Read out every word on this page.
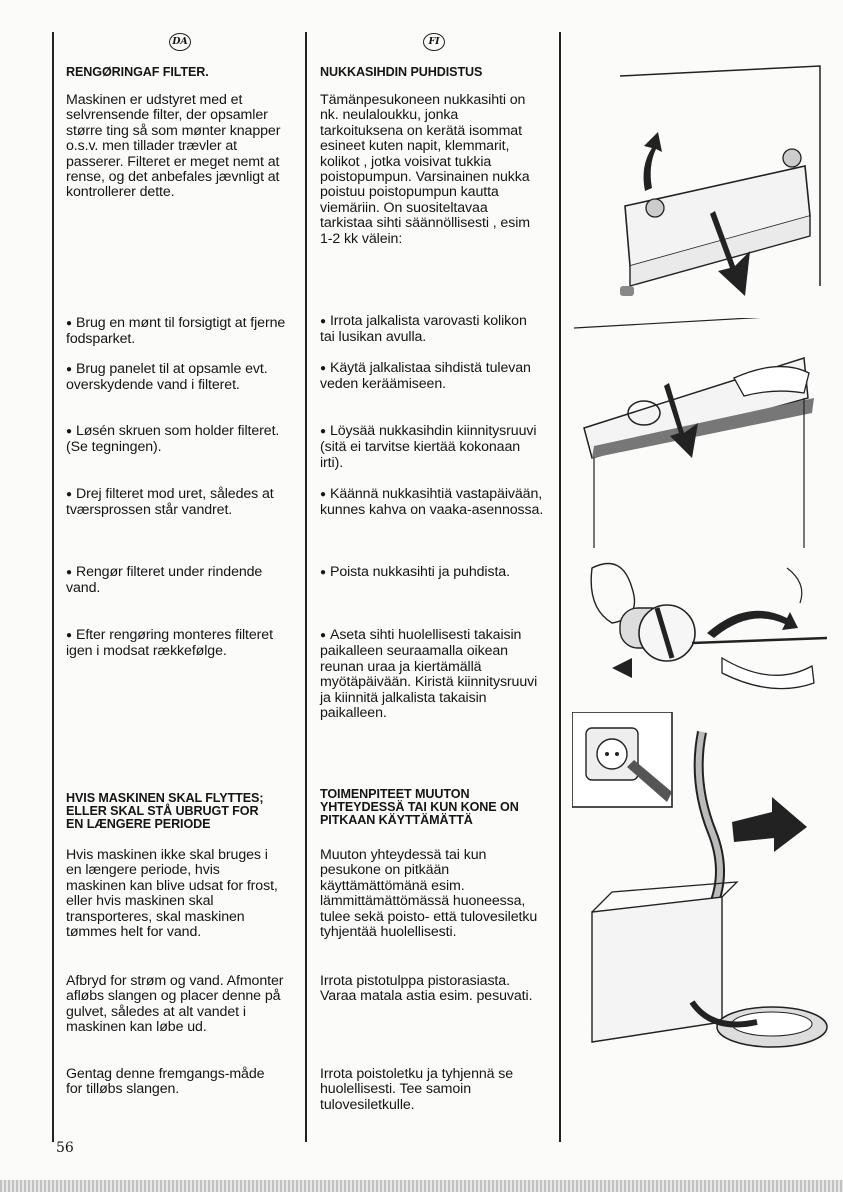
DA
RENGØRINGAF FILTER.

Maskinen er udstyret med et selvrensende filter, der opsamler større ting så som mønter knapper o.s.v. men tillader trævler at passerer. Filteret er meget nemt at rense, og det anbefales jævnligt at kontrollerer dette.

● Brug en mønt til forsigtigt at fjerne fodsparket.

● Brug panelet til at opsamle evt. overskydende vand i filteret.

● Løsén skruen som holder filteret. (Se tegningen).

● Drej filteret mod uret, således at tværsprossen står vandret.

● Rengør filteret under rindende vand.

● Efter rengøring monteres filteret igen i modsat rækkefølge.

HVIS MASKINEN SKAL FLYTTES; ELLER SKAL STÅ UBRUGT FOR EN LÆNGERE PERIODE

Hvis maskinen ikke skal bruges i en længere periode, hvis maskinen kan blive udsat for frost, eller hvis maskinen skal transporteres, skal maskinen tømmes helt for vand.

Afbryd for strøm og vand. Afmonter afløbs slangen og placer denne på gulvet, således at alt vandet i maskinen kan løbe ud.

Gentag denne fremgangs-måde for tilløbs slangen.

FI
NUKKASIHDIN PUHDISTUS

Tämänpesukoneen nukkasihti on nk. neulaloukku, jonka tarkoituksena on kerätä isommat esineet kuten napit, klemmarit, kolikot , jotka voisivat tukkia poistopumpun. Varsinainen nukka poistuu poistopumpun kautta viemäriin. On suositeltavaa tarkistaa sihti säännöllisesti , esim 1-2 kk välein:

● Irrota jalkalista varovasti kolikon tai lusikan avulla.

● Käytä jalkalistaa sihdistä tulevan veden keräämiseen.

● Löysää nukkasihdin kiinnitysruuvi (sitä ei tarvitse kiertää kokonaan irti).

● Käännä nukkasihtiä vastapäivään, kunnes kahva on vaaka-asennossa.

● Poista nukkasihti ja puhdista.

● Aseta sihti huolellisesti takaisin paikalleen seuraamalla oikean reunan uraa ja kiertämällä myötäpäivään. Kiristä kiinnitysruuvi ja kiinnitä jalkalista takaisin paikalleen.

TOIMENPITEET MUUTON YHTEYDESSÄ TAI KUN KONE ON PITKAAN KÄYTTÄMÄTTÄ

Muuton yhteydessä tai kun pesukone on pitkään käyttämättömänä esim. lämmittämättömässä huoneessa, tulee sekä poisto- että tulovesiletku tyhjentää huolellisesti.

Irrota pistotulppa pistorasiasta. Varaa matala astia esim. pesuvati.

Irrota poistoletku ja tyhjennä se huolellisesti. Tee samoin tulovesiletkulle.

56
